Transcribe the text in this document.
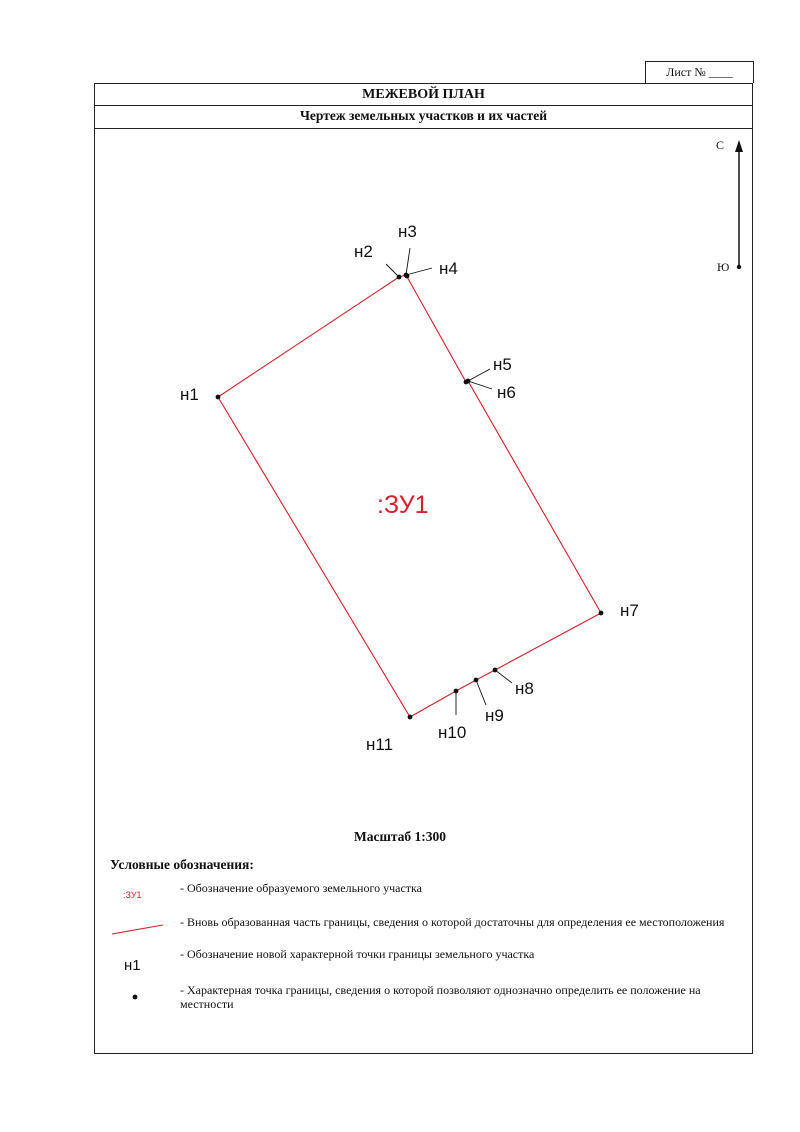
Лист № ____
МЕЖЕВОЙ ПЛАН
Чертеж земельных участков и их частей
С
Ю
н1
н2
н3
н4
н5
н6
н7
н8
н9
н10
н11
:ЗУ1
Масштаб 1:300
Условные обозначения:
:ЗУ1	- Обозначение образуемого земельного участка
- Вновь образованная часть границы, сведения о которой достаточны для определения ее местоположения
н1
- Обозначение новой характерной точки границы земельного участка
- Характерная точка границы, сведения о которой позволяют однозначно определить ее положение на местности
